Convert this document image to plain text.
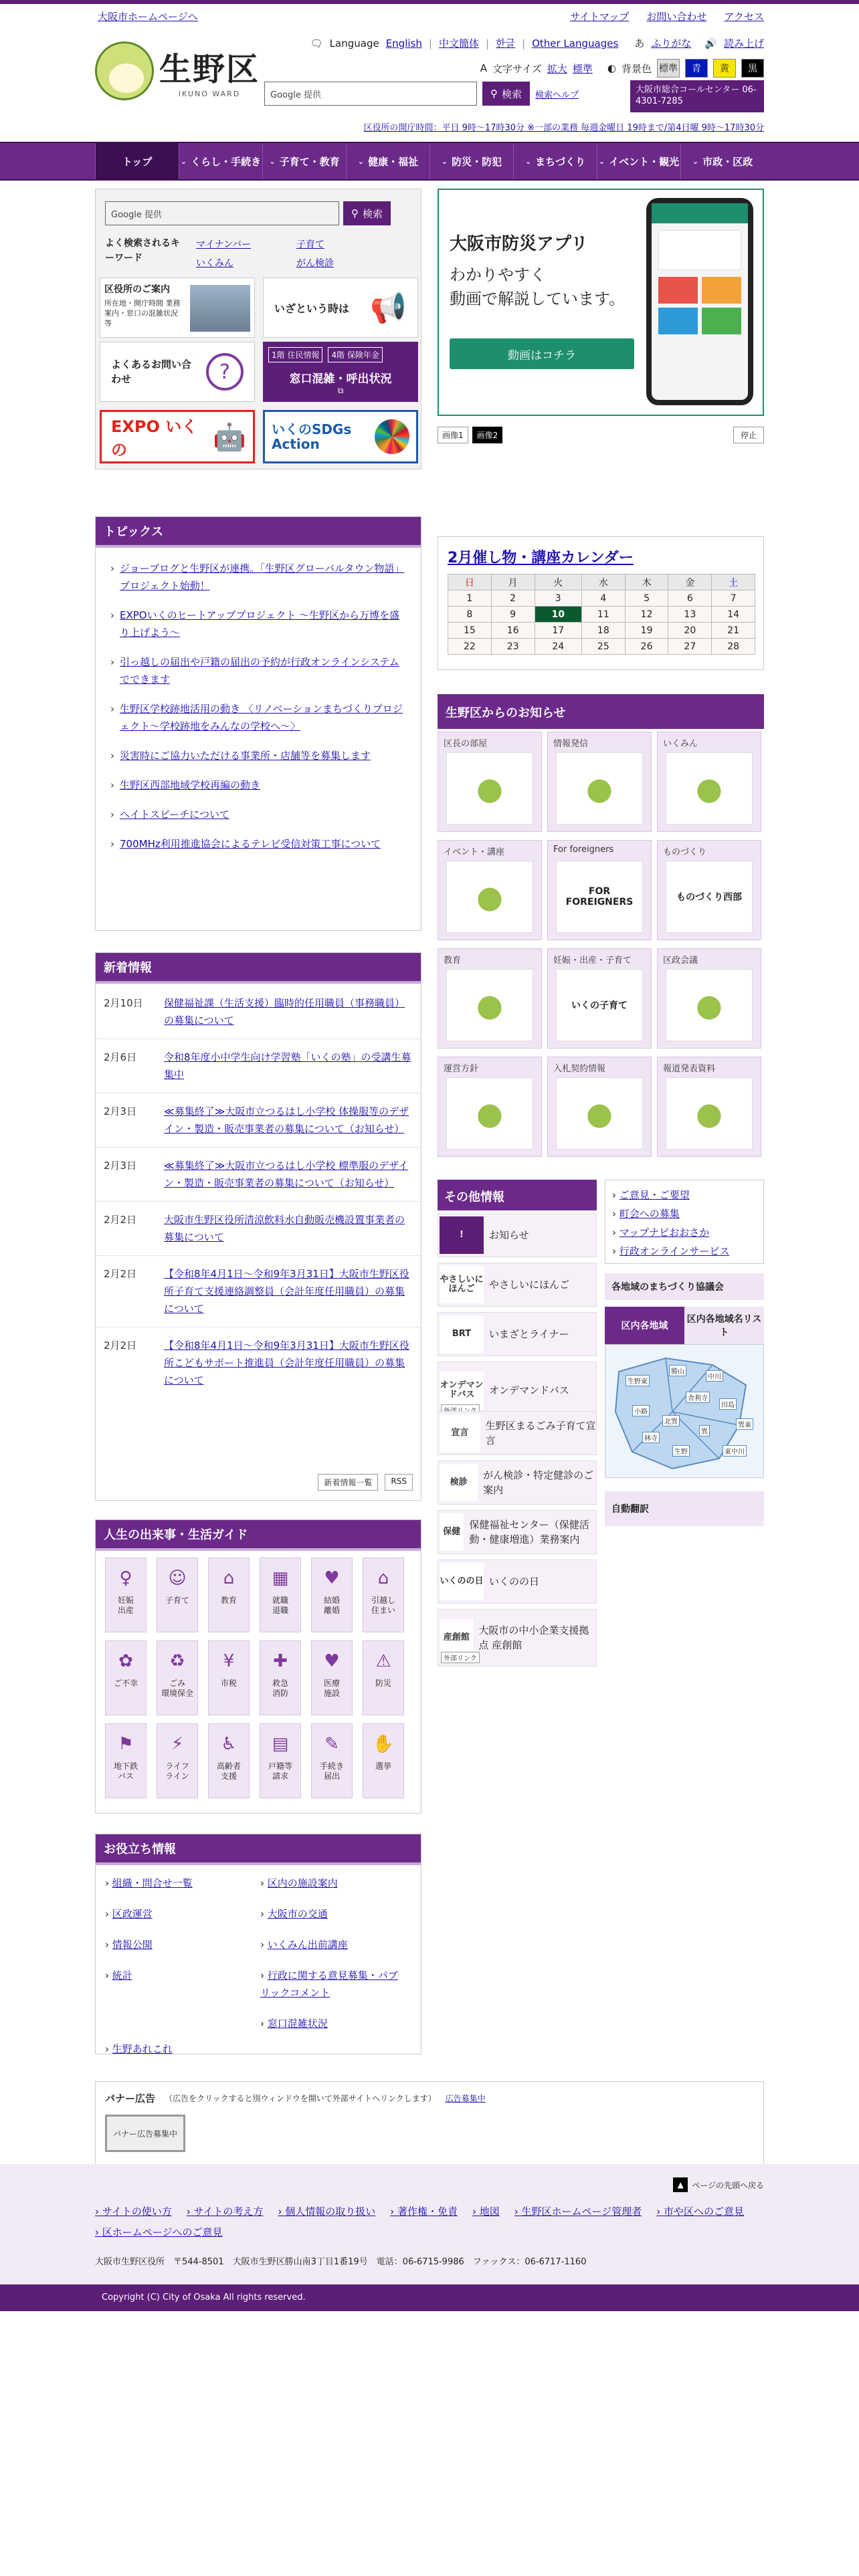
大阪市ホームページへ	サイトマップ お問い合わせ アクセス
生野区
IKUNO WARD
🗨 Language English | 中文簡体 | 한글 | Other Languages あ ふりがな 🔊 読み上げ
A 文字サイズ 拡大 標準 ◐ 背景色 標準	青	黄	黒
Google 提供	⚲ 検索 検索ヘルプ	大阪市総合コールセンター 06-4301-7285
区役所の開庁時間：平日 9時～17時30分 ※一部の業務 毎週金曜日 19時まで/第4日曜 9時～17時30分
トップ	⌄ くらし・手続き ⌄ 子育て・教育 ⌄ 健康・福祉	⌄ 防災・防犯	⌄ まちづくり ⌄ イベント・観光 ⌄ 市政・区政
Google 提供	⚲ 検索
よく検索されるキーワード
マイナンバー	子育て
いくみん	がん検診
区役所のご案内
所在地・開庁時間 業務案内・窓口の混雑状況等
いざという時は 📢
よくあるお問い合わせ	?
1階 住民情報	4階 保険年金
窓口混雑・呼出状況
⧉
EXPO いくの	🤖 いくのSDGs Action
トピックス
› ジョーブログと生野区が連携。「生野区グローバルタウン物語」プロジェクト始動！
› EXPOいくのヒートアッププロジェクト ～生野区から万博を盛り上げよう～
› 引っ越しの届出や戸籍の届出の予約が行政オンラインシステムでできます
› 生野区学校跡地活用の動き 〈リノベーションまちづくりプロジェクト〜学校跡地をみんなの学校へ〜〉
› 災害時にご協力いただける事業所・店舗等を募集します
› 生野区西部地域学校再編の動き
› ヘイトスピーチについて
› 700MHz利用推進協会によるテレビ受信対策工事について
新着情報
2月10日	保健福祉課（生活支援）臨時的任用職員（事務職員）の募集について
2月6日	令和8年度小中学生向け学習塾「いくの塾」の受講生募集中
2月3日	≪募集終了≫大阪市立つるはし小学校 体操服等のデザイン・製造・販売事業者の募集について（お知らせ）
2月3日	≪募集終了≫大阪市立つるはし小学校 標準服のデザイン・製造・販売事業者の募集について（お知らせ）
2月2日	大阪市生野区役所清涼飲料水自動販売機設置事業者の募集について
2月2日	【令和8年4月1日～令和9年3月31日】大阪市生野区役所子育て支援連絡調整員（会計年度任用職員）の募集について
2月2日	【令和8年4月1日～令和9年3月31日】大阪市生野区役所こどもサポート推進員（会計年度任用職員）の募集について
新着情報一覧	RSS
人生の出来事・生活ガイド
♀
妊娠
出産
☺
子育て
⌂
教育
▦
就職
退職
♥
結婚
離婚
⌂
引越し
住まい
✿
ご不幸
♻
ごみ
環境保全
¥
市税
✚
救急
消防
♥
医療
施設
⚠
防災
⚑
地下鉄
バス
⚡
ライフ
ライン
♿
高齢者
支援
▤
戸籍等
請求
✎
手続き
届出
✋
選挙
お役立ち情報
› 組織・問合せ一覧
› 区政運営
› 情報公開
› 統計
› 生野あれこれ
› 区内の施設案内
› 大阪市の交通
› いくみん出前講座
› 行政に関する意見募集・パブリックコメント
› 窓口混雑状況
大阪市防災アプリ
わかりやすく
動画で解説しています。
動画はコチラ
画像1	画像2	停止
2月催し物・講座カレンダー
日	月	火	水	木	金	土
1	2	3	4	5	6	7
8	9	10	11	12	13	14
15	16	17	18	19	20	21
22	23	24	25	26	27	28
生野区からのお知らせ
区長の部屋
●
情報発信
●
いくみん
●
イベント・講座
●
For foreigners
FOR FOREIGNERS
ものづくり
ものづくり西部
教育
●
妊娠・出産・子育て
いくの子育て
区政会議
●
運営方針
●
入札契約情報
●
報道発表資料
●
その他情報
!	お知らせ
やさしいにほんご	やさしいにほんご
BRT	いまざとライナー
オンデマンドバス	オンデマンドバス
宣言
生野区まるごみ子育て宣言
検診
がん検診・特定健診のご案内
保健
保健福祉センター（保健活動・健康増進）業務案内
いくのの日 いくのの日
産創館
大阪市の中小企業支援拠点 産創館
外部リンク
› ご意見・ご要望
› 町会への募集
› マップナビおおさか
› 行政オンラインサービス
各地域のまちづくり協議会
区内各地域
区内各地域名リスト
生野東
勝山
中川
小路
舎利寺
田島
巽
林寺
生野	東中川
北巽	巽東
自動翻訳
バナー広告 （広告をクリックすると別ウィンドウを開いて外部サイトへリンクします） 広告募集中
バナー広告募集中
▲	ページの先頭へ戻る
› サイトの使い方 › サイトの考え方 › 個人情報の取り扱い › 著作権・免責 › 地図 › 生野区ホームページ管理者 › 市や区へのご意見
› 区ホームページへのご意見
大阪市生野区役所　〒544-8501　大阪市生野区勝山南3丁目1番19号　電話：06-6715-9986　ファックス：06-6717-1160
Copyright (C) City of Osaka All rights reserved.
